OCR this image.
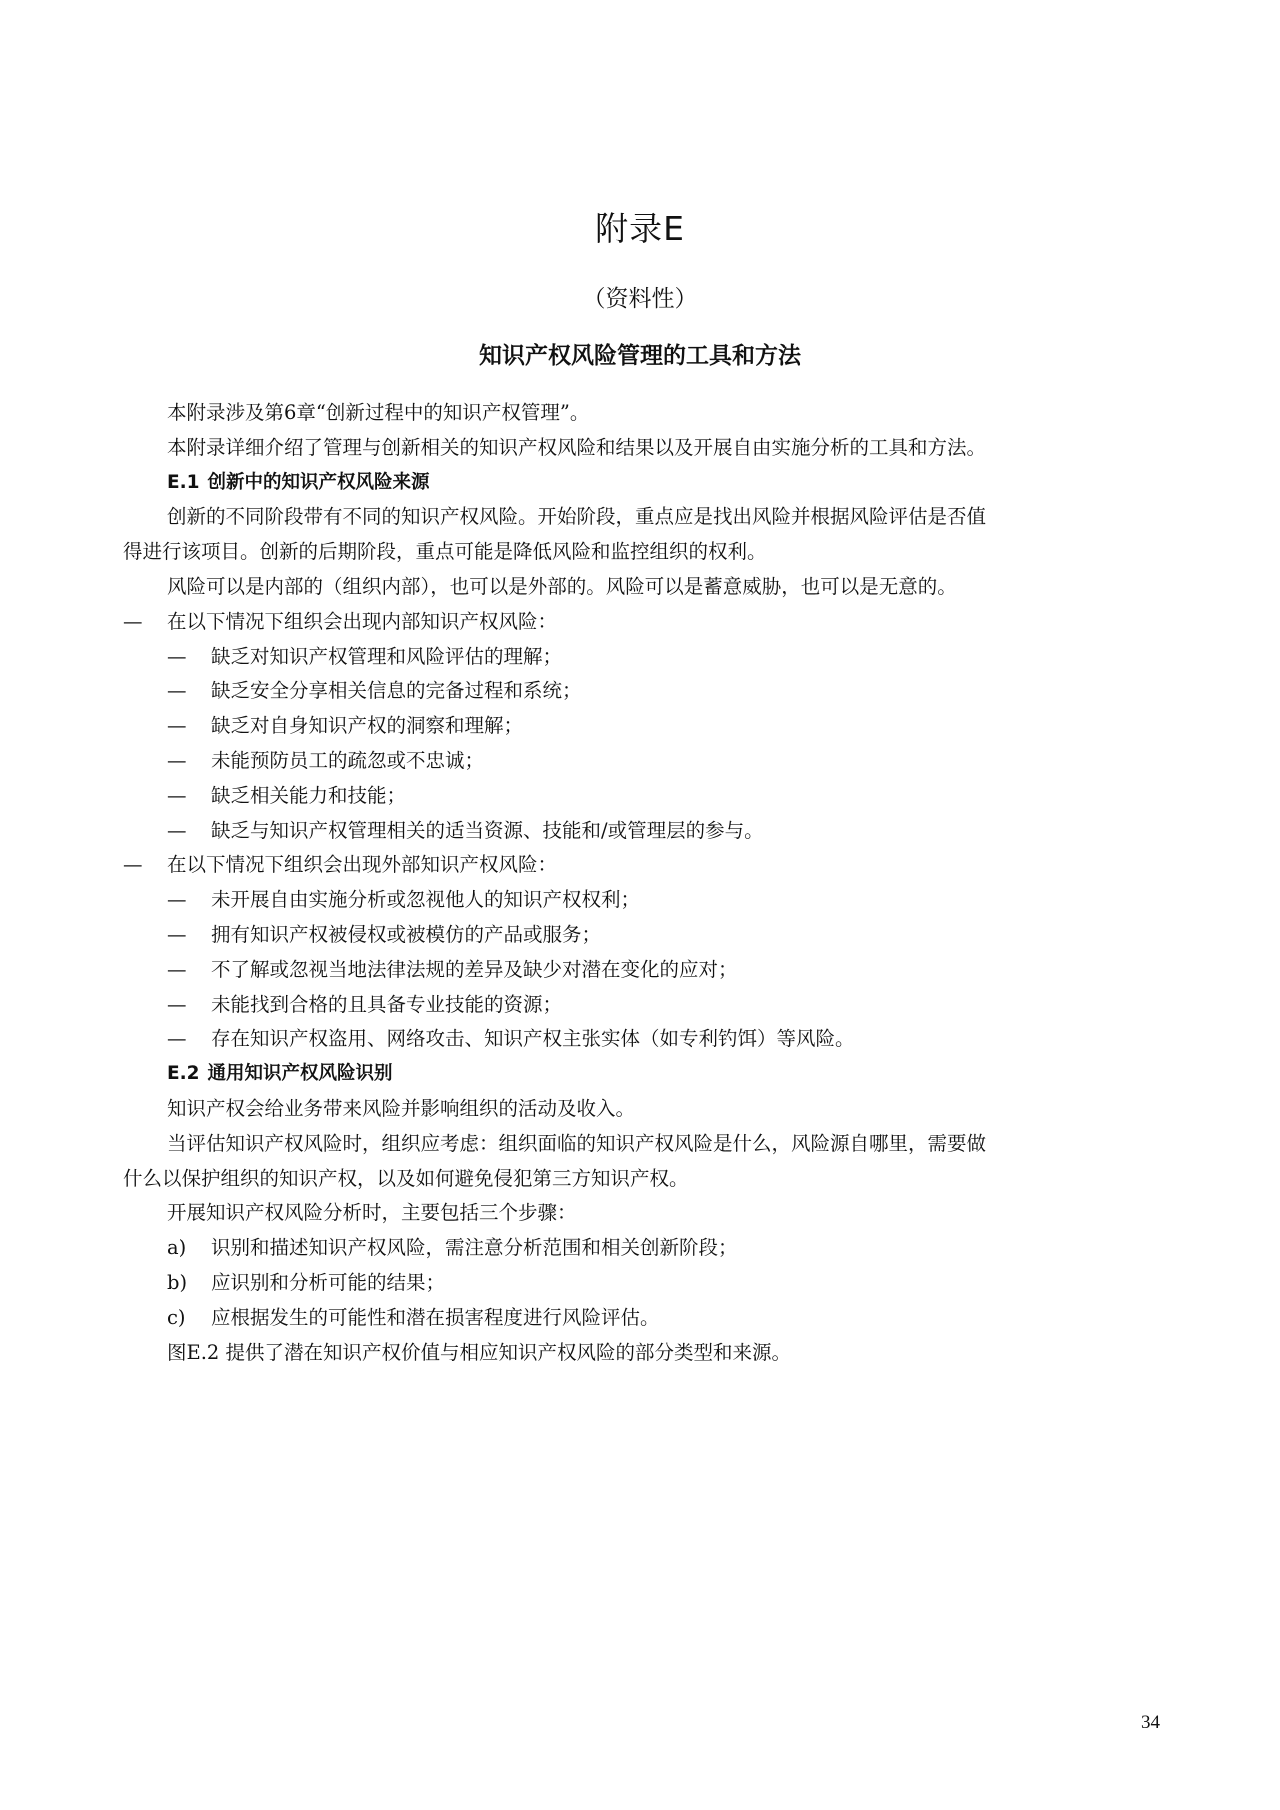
附录E
（资料性）
知识产权风险管理的工具和方法
本附录涉及第6章“创新过程中的知识产权管理”。
本附录详细介绍了管理与创新相关的知识产权风险和结果以及开展自由实施分析的工具和方法。
E.1 创新中的知识产权风险来源
创新的不同阶段带有不同的知识产权风险。开始阶段，重点应是找出风险并根据风险评估是否值
得进行该项目。创新的后期阶段，重点可能是降低风险和监控组织的权利。
风险可以是内部的（组织内部），也可以是外部的。风险可以是蓄意威胁，也可以是无意的。
— 在以下情况下组织会出现内部知识产权风险：
— 缺乏对知识产权管理和风险评估的理解；
— 缺乏安全分享相关信息的完备过程和系统；
— 缺乏对自身知识产权的洞察和理解；
— 未能预防员工的疏忽或不忠诚；
— 缺乏相关能力和技能；
— 缺乏与知识产权管理相关的适当资源、技能和/或管理层的参与。
— 在以下情况下组织会出现外部知识产权风险：
— 未开展自由实施分析或忽视他人的知识产权权利；
— 拥有知识产权被侵权或被模仿的产品或服务；
— 不了解或忽视当地法律法规的差异及缺少对潜在变化的应对；
— 未能找到合格的且具备专业技能的资源；
— 存在知识产权盗用、网络攻击、知识产权主张实体（如专利钓饵）等风险。
E.2 通用知识产权风险识别
知识产权会给业务带来风险并影响组织的活动及收入。
当评估知识产权风险时，组织应考虑：组织面临的知识产权风险是什么，风险源自哪里，需要做
什么以保护组织的知识产权，以及如何避免侵犯第三方知识产权。
开展知识产权风险分析时，主要包括三个步骤：
a) 识别和描述知识产权风险，需注意分析范围和相关创新阶段；
b) 应识别和分析可能的结果；
c) 应根据发生的可能性和潜在损害程度进行风险评估。
图E.2 提供了潜在知识产权价值与相应知识产权风险的部分类型和来源。
34
